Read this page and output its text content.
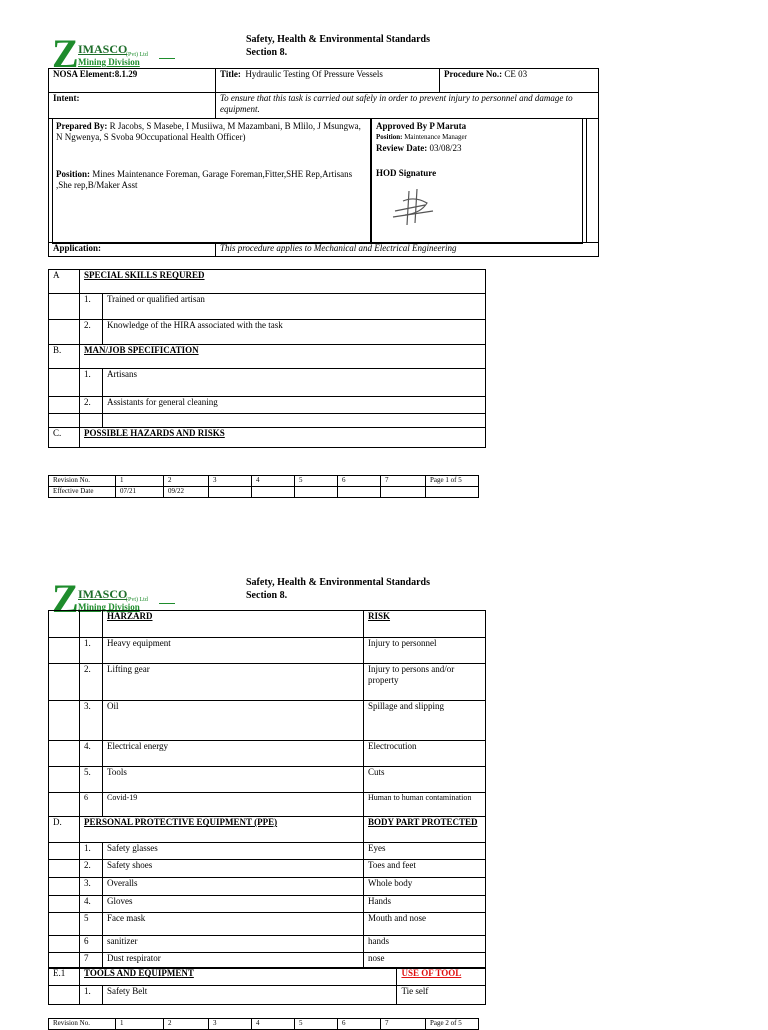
Z IMASCO
(Pvt) Ltd
Mining Division
Safety, Health & Environmental Standards
Section 8.
NOSA Element:8.1.29	Title: Hydraulic Testing Of Pressure Vessels	Procedure No.: CE 03
Intent:	To ensure that this task is carried out safely in order to prevent injury to personnel and damage to equipment.	

Application:	This procedure applies to Mechanical and Electrical Engineering	
Prepared By: R Jacobs, S Masebe, I Musiiwa, M Mazambani, B Mlilo, J Msungwa, N Ngwenya, S Svoba 9Occupational Health Officer)
Position: Mines Maintenance Foreman, Garage Foreman,Fitter,SHE Rep,Artisans ,She rep,B/Maker Asst
Approved By P Maruta
Position: Maintenance Manager
Review Date: 03/08/23
HOD Signature
A	SPECIAL SKILLS REQURED	
	1.	Trained or qualified artisan
	2.	Knowledge of the HIRA associated with the task
B.	MAN/JOB SPECIFICATION	
	1.	Artisans
	2.	Assistants for general cleaning

C.	POSSIBLE HAZARDS AND RISKS	
Revision No.	1	2	3	4	5	6	7	Page 1 of 5
Effective Date	07/21	09/22						
Z IMASCO
(Pvt) Ltd
Mining Division
Safety, Health & Environmental Standards
Section 8.
		HARZARD	RISK
	1.	Heavy equipment	Injury to personnel
	2.	Lifting gear	Injury to persons and/or property
	3.	Oil	Spillage and slipping
	4.	Electrical energy	Electrocution
	5.	Tools	Cuts
	6	Covid-19	Human to human contamination
D.	PERSONAL PROTECTIVE EQUIPMENT (PPE)		BODY PART PROTECTED
	1.	Safety glasses	Eyes
	2.	Safety shoes	Toes and feet
	3.	Overalls	Whole body
	4.	Gloves	Hands
	5	Face mask	Mouth and nose
	6	sanitizer	hands
	7	Dust respirator	nose
E.1	TOOLS AND EQUIPMENT		USE OF TOOL
	1.	Safety Belt	Tie self
Revision No.	1	2	3	4	5	6	7	Page 2 of 5
